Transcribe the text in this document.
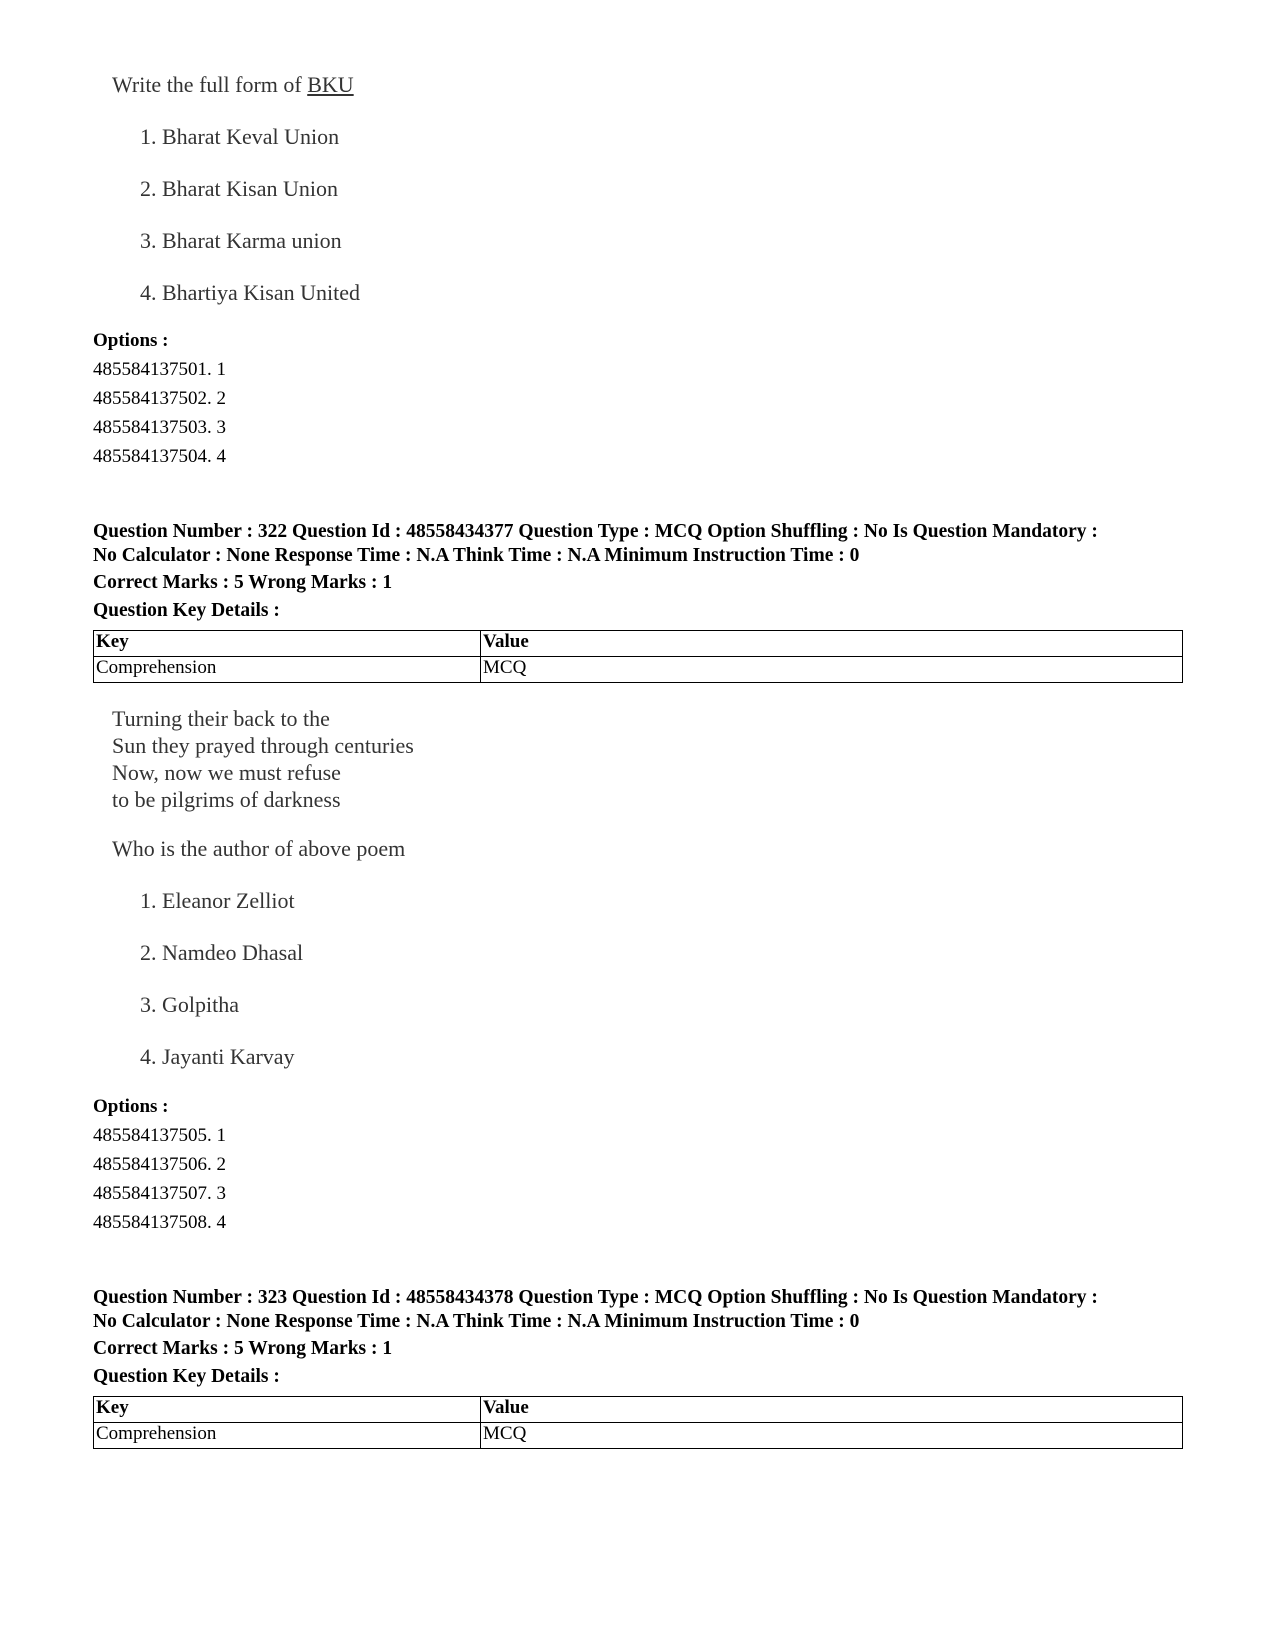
Write the full form of BKU
1. Bharat Keval Union
2. Bharat Kisan Union
3. Bharat Karma union
4. Bhartiya Kisan United
Options :
485584137501. 1
485584137502. 2
485584137503. 3
485584137504. 4
Question Number : 322 Question Id : 48558434377 Question Type : MCQ Option Shuffling : No Is Question Mandatory :
No Calculator : None Response Time : N.A Think Time : N.A Minimum Instruction Time : 0
Correct Marks : 5 Wrong Marks : 1
Question Key Details :
Key	Value
Comprehension	MCQ
Turning their back to the
Sun they prayed through centuries
Now, now we must refuse
to be pilgrims of darkness
Who is the author of above poem
1. Eleanor Zelliot
2. Namdeo Dhasal
3. Golpitha
4. Jayanti Karvay
Options :
485584137505. 1
485584137506. 2
485584137507. 3
485584137508. 4
Question Number : 323 Question Id : 48558434378 Question Type : MCQ Option Shuffling : No Is Question Mandatory :
No Calculator : None Response Time : N.A Think Time : N.A Minimum Instruction Time : 0
Correct Marks : 5 Wrong Marks : 1
Question Key Details :
Key	Value
Comprehension	MCQ
